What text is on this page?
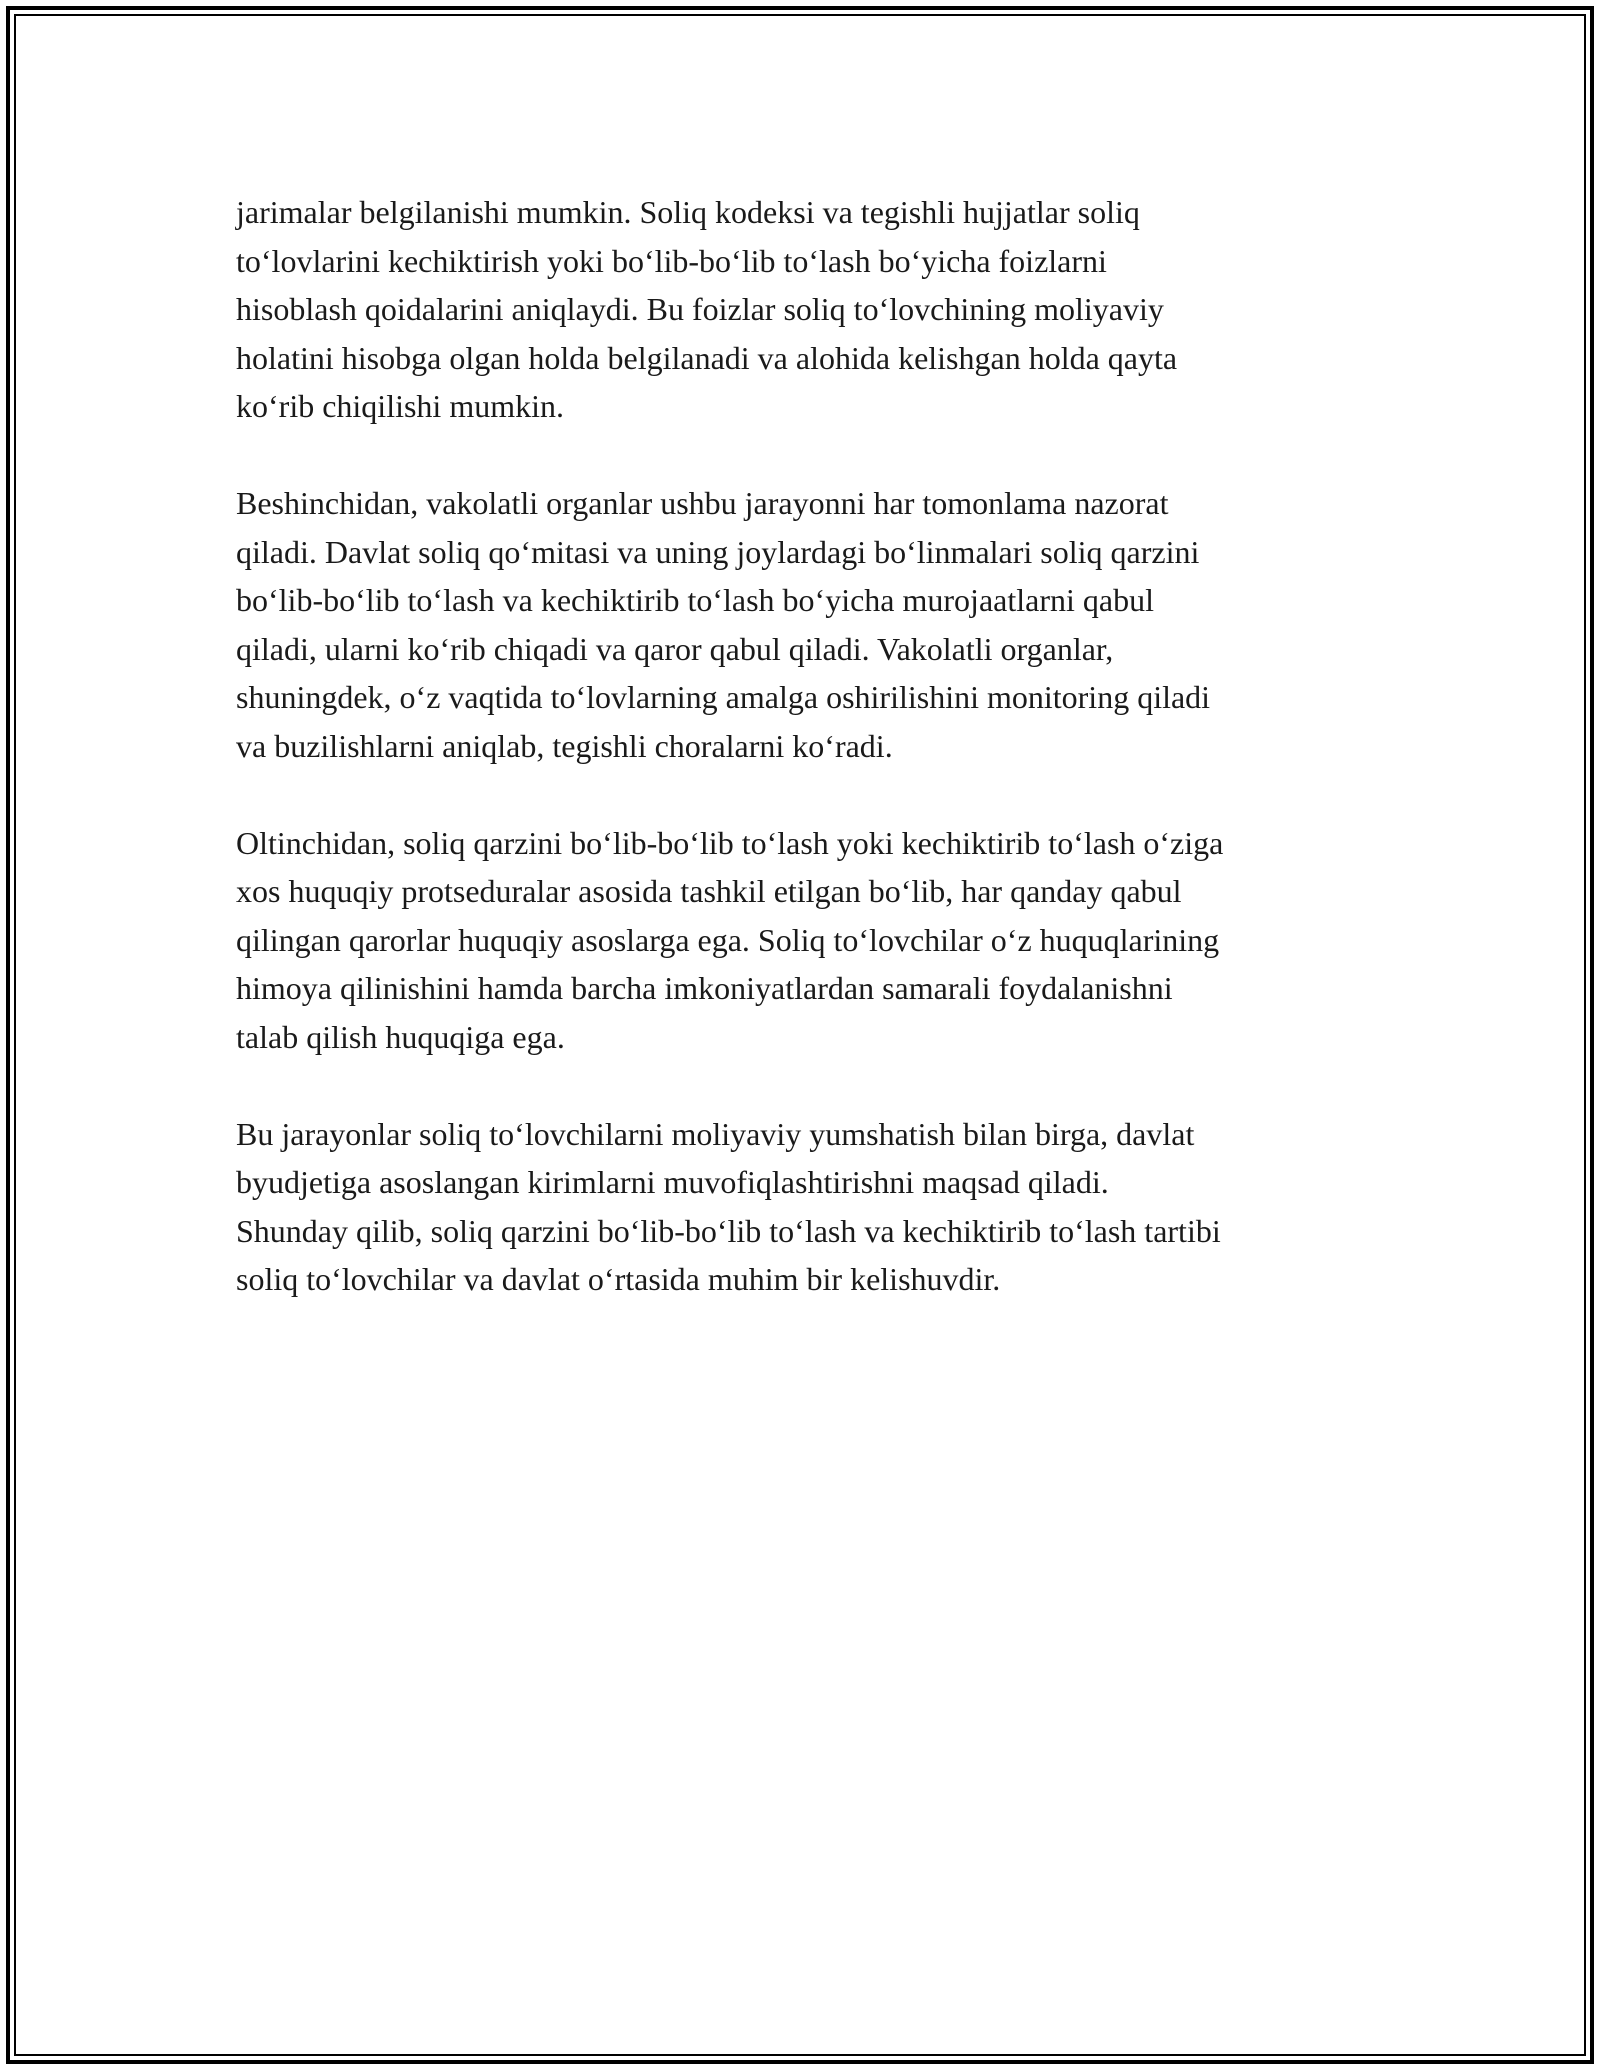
jarimalar belgilanishi mumkin. Soliq kodeksi va tegishli hujjatlar soliq
to‘lovlarini kechiktirish yoki bo‘lib-bo‘lib to‘lash bo‘yicha foizlarni
hisoblash qoidalarini aniqlaydi. Bu foizlar soliq to‘lovchining moliyaviy
holatini hisobga olgan holda belgilanadi va alohida kelishgan holda qayta
ko‘rib chiqilishi mumkin.

Beshinchidan, vakolatli organlar ushbu jarayonni har tomonlama nazorat
qiladi. Davlat soliq qo‘mitasi va uning joylardagi bo‘linmalari soliq qarzini
bo‘lib-bo‘lib to‘lash va kechiktirib to‘lash bo‘yicha murojaatlarni qabul
qiladi, ularni ko‘rib chiqadi va qaror qabul qiladi. Vakolatli organlar,
shuningdek, o‘z vaqtida to‘lovlarning amalga oshirilishini monitoring qiladi
va buzilishlarni aniqlab, tegishli choralarni ko‘radi.

Oltinchidan, soliq qarzini bo‘lib-bo‘lib to‘lash yoki kechiktirib to‘lash o‘ziga
xos huquqiy protseduralar asosida tashkil etilgan bo‘lib, har qanday qabul
qilingan qarorlar huquqiy asoslarga ega. Soliq to‘lovchilar o‘z huquqlarining
himoya qilinishini hamda barcha imkoniyatlardan samarali foydalanishni
talab qilish huquqiga ega.

Bu jarayonlar soliq to‘lovchilarni moliyaviy yumshatish bilan birga, davlat
byudjetiga asoslangan kirimlarni muvofiqlashtirishni maqsad qiladi.
Shunday qilib, soliq qarzini bo‘lib-bo‘lib to‘lash va kechiktirib to‘lash tartibi
soliq to‘lovchilar va davlat o‘rtasida muhim bir kelishuvdir.
